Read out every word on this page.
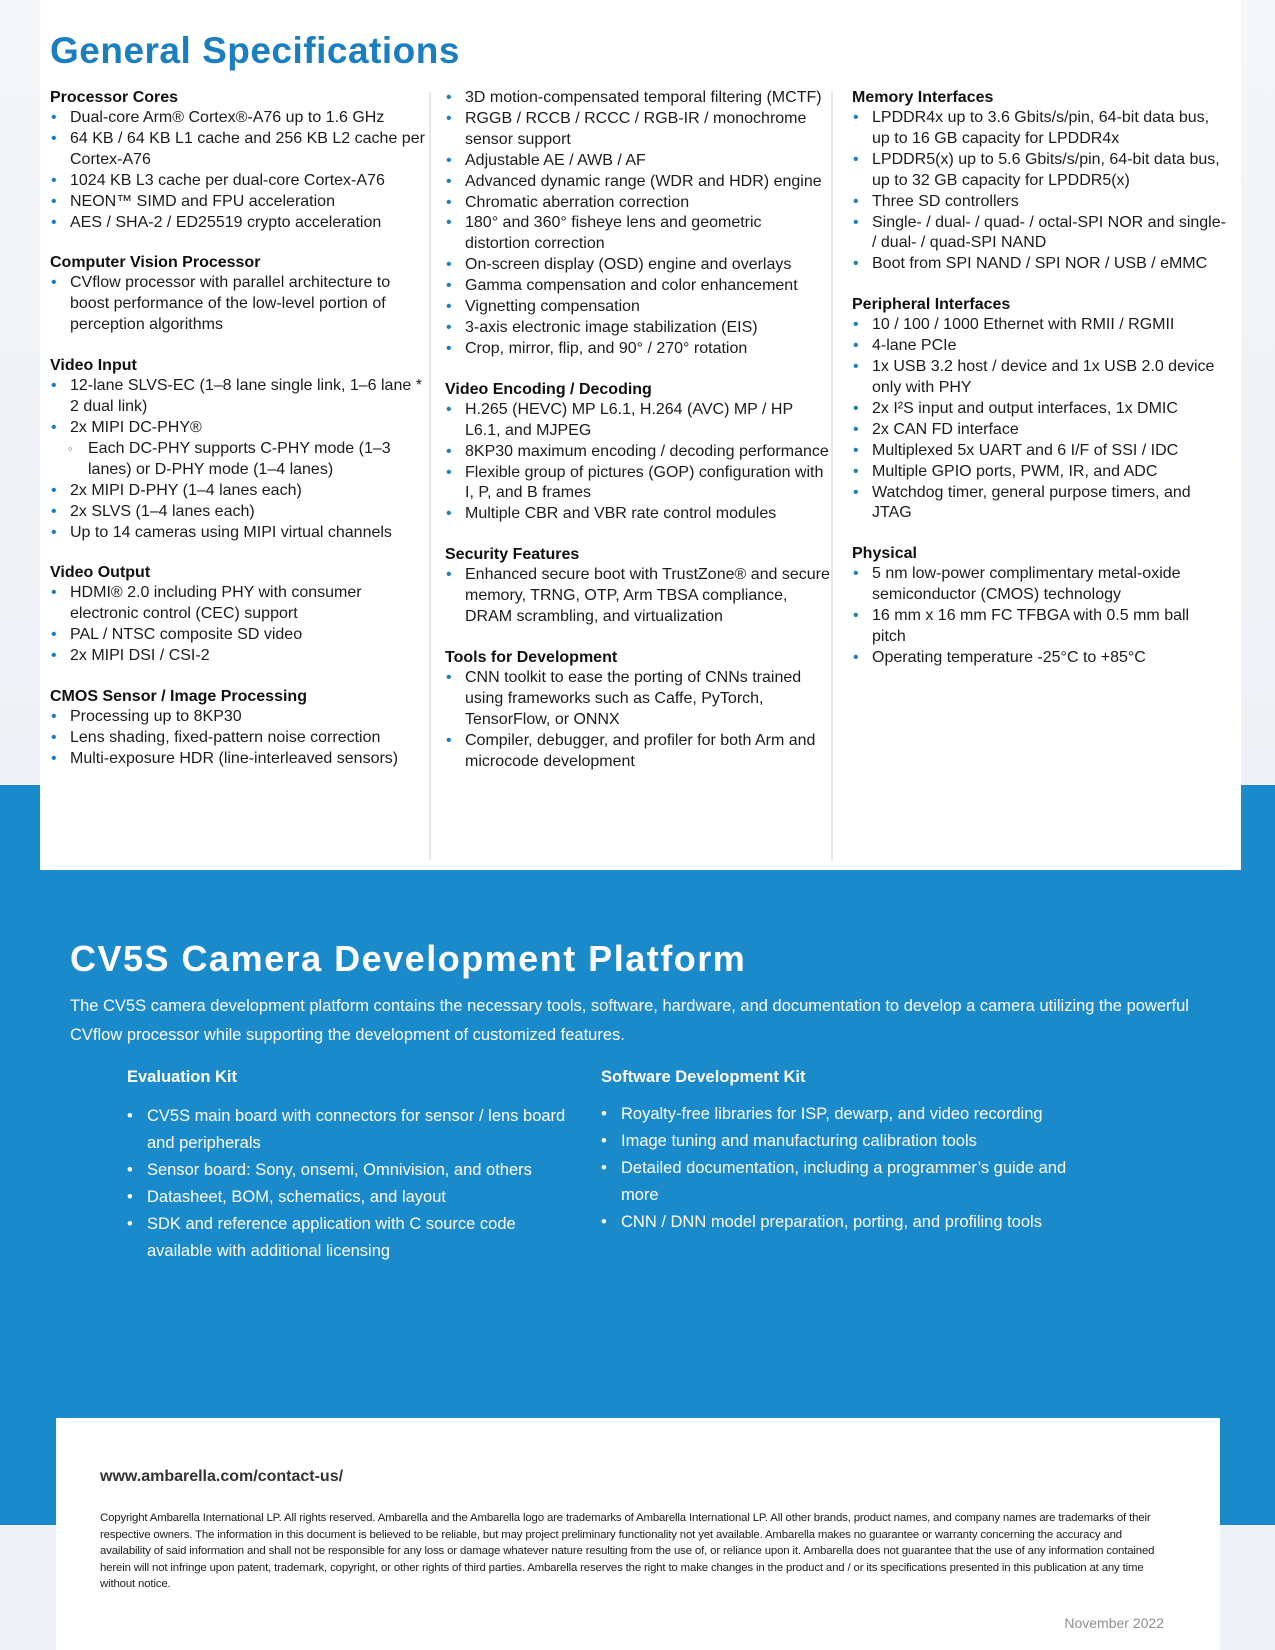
General Specifications
Processor Cores
• Dual-core Arm® Cortex®-A76 up to 1.6 GHz
• 64 KB / 64 KB L1 cache and 256 KB L2 cache per Cortex-A76
• 1024 KB L3 cache per dual-core Cortex-A76
• NEON™ SIMD and FPU acceleration
• AES / SHA-2 / ED25519 crypto acceleration
Computer Vision Processor
• CVflow processor with parallel architecture to boost performance of the low-level portion of perception algorithms
Video Input
• 12-lane SLVS-EC (1–8 lane single link, 1–6 lane * 2 dual link)
• 2x MIPI DC-PHY®
◦ Each DC-PHY supports C-PHY mode (1–3 lanes) or D-PHY mode (1–4 lanes)
• 2x MIPI D-PHY (1–4 lanes each)
• 2x SLVS (1–4 lanes each)
• Up to 14 cameras using MIPI virtual channels
Video Output
• HDMI® 2.0 including PHY with consumer electronic control (CEC) support
• PAL / NTSC composite SD video
• 2x MIPI DSI / CSI-2
CMOS Sensor / Image Processing
• Processing up to 8KP30
• Lens shading, fixed-pattern noise correction
• Multi-exposure HDR (line-interleaved sensors)
• 3D motion-compensated temporal filtering (MCTF)
• RGGB / RCCB / RCCC / RGB-IR / monochrome sensor support
• Adjustable AE / AWB / AF
• Advanced dynamic range (WDR and HDR) engine
• Chromatic aberration correction
• 180° and 360° fisheye lens and geometric distortion correction
• On-screen display (OSD) engine and overlays
• Gamma compensation and color enhancement
• Vignetting compensation
• 3-axis electronic image stabilization (EIS)
• Crop, mirror, flip, and 90° / 270° rotation
Video Encoding / Decoding
• H.265 (HEVC) MP L6.1, H.264 (AVC) MP / HP L6.1, and MJPEG
• 8KP30 maximum encoding / decoding performance
• Flexible group of pictures (GOP) configuration with I, P, and B frames
• Multiple CBR and VBR rate control modules
Security Features
• Enhanced secure boot with TrustZone® and secure memory, TRNG, OTP, Arm TBSA compliance, DRAM scrambling, and virtualization
Tools for Development
• CNN toolkit to ease the porting of CNNs trained using frameworks such as Caffe, PyTorch, TensorFlow, or ONNX
• Compiler, debugger, and profiler for both Arm and microcode development
Memory Interfaces
• LPDDR4x up to 3.6 Gbits/s/pin, 64-bit data bus, up to 16 GB capacity for LPDDR4x
• LPDDR5(x) up to 5.6 Gbits/s/pin, 64-bit data bus, up to 32 GB capacity for LPDDR5(x)
• Three SD controllers
• Single- / dual- / quad- / octal-SPI NOR and single- / dual- / quad-SPI NAND
• Boot from SPI NAND / SPI NOR / USB / eMMC
Peripheral Interfaces
• 10 / 100 / 1000 Ethernet with RMII / RGMII
• 4-lane PCIe
• 1x USB 3.2 host / device and 1x USB 2.0 device only with PHY
• 2x I²S input and output interfaces, 1x DMIC
• 2x CAN FD interface
• Multiplexed 5x UART and 6 I/F of SSI / IDC
• Multiple GPIO ports, PWM, IR, and ADC
• Watchdog timer, general purpose timers, and JTAG
Physical
• 5 nm low-power complimentary metal-oxide semiconductor (CMOS) technology
• 16 mm x 16 mm FC TFBGA with 0.5 mm ball pitch
• Operating temperature -25°C to +85°C
CV5S Camera Development Platform

The CV5S camera development platform contains the necessary tools, software, hardware, and documentation to develop a camera utilizing the powerful CVflow processor while supporting the development of customized features.

Evaluation Kit
• CV5S main board with connectors for sensor / lens board and peripherals
• Sensor board: Sony, onsemi, Omnivision, and others
• Datasheet, BOM, schematics, and layout
• SDK and reference application with C source code available with additional licensing
Software Development Kit
• Royalty-free libraries for ISP, dewarp, and video recording
• Image tuning and manufacturing calibration tools
• Detailed documentation, including a programmer’s guide and more
• CNN / DNN model preparation, porting, and profiling tools
www.ambarella.com/contact-us/

Copyright Ambarella International LP. All rights reserved. Ambarella and the Ambarella logo are trademarks of Ambarella International LP. All other brands, product names, and company names are trademarks of their respective owners. The information in this document is believed to be reliable, but may project preliminary functionality not yet available. Ambarella makes no guarantee or warranty concerning the accuracy and availability of said information and shall not be responsible for any loss or damage whatever nature resulting from the use of, or reliance upon it. Ambarella does not guarantee that the use of any information contained herein will not infringe upon patent, trademark, copyright, or other rights of third parties. Ambarella reserves the right to make changes in the product and / or its specifications presented in this publication at any time without notice.

November 2022
